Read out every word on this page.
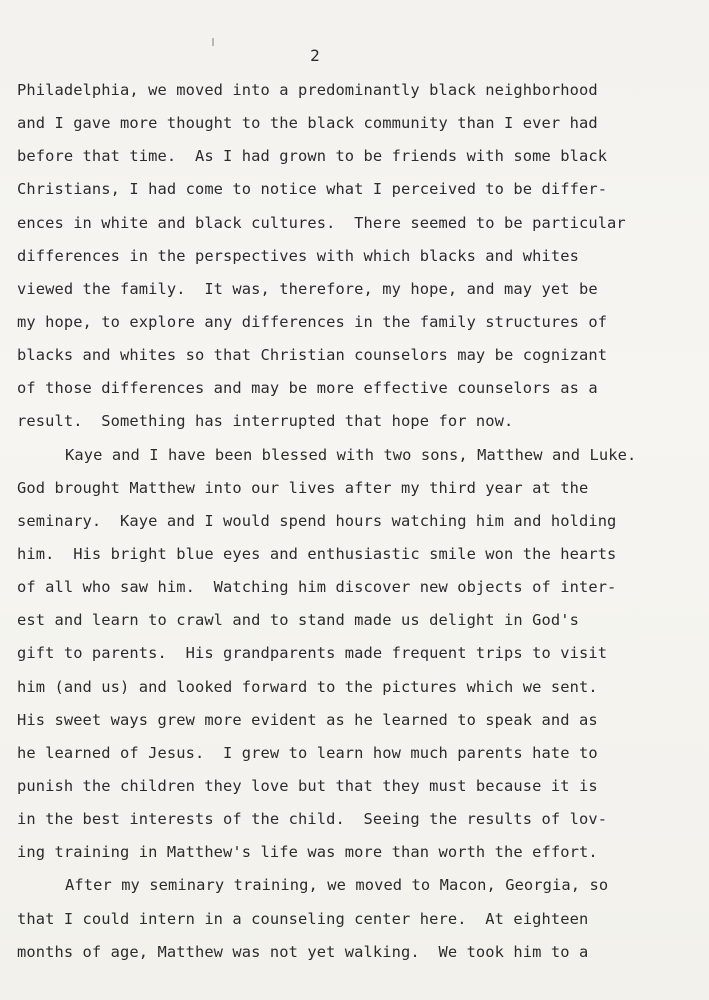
2
Philadelphia, we moved into a predominantly black neighborhood
and I gave more thought to the black community than I ever had
before that time.  As I had grown to be friends with some black
Christians, I had come to notice what I perceived to be differ-
ences in white and black cultures.  There seemed to be particular
differences in the perspectives with which blacks and whites
viewed the family.  It was, therefore, my hope, and may yet be
my hope, to explore any differences in the family structures of
blacks and whites so that Christian counselors may be cognizant
of those differences and may be more effective counselors as a
result.  Something has interrupted that hope for now.
Kaye and I have been blessed with two sons, Matthew and Luke.
God brought Matthew into our lives after my third year at the
seminary.  Kaye and I would spend hours watching him and holding
him.  His bright blue eyes and enthusiastic smile won the hearts
of all who saw him.  Watching him discover new objects of inter-
est and learn to crawl and to stand made us delight in God's
gift to parents.  His grandparents made frequent trips to visit
him (and us) and looked forward to the pictures which we sent.
His sweet ways grew more evident as he learned to speak and as
he learned of Jesus.  I grew to learn how much parents hate to
punish the children they love but that they must because it is
in the best interests of the child.  Seeing the results of lov-
ing training in Matthew's life was more than worth the effort.
After my seminary training, we moved to Macon, Georgia, so
that I could intern in a counseling center here.  At eighteen
months of age, Matthew was not yet walking.  We took him to a
